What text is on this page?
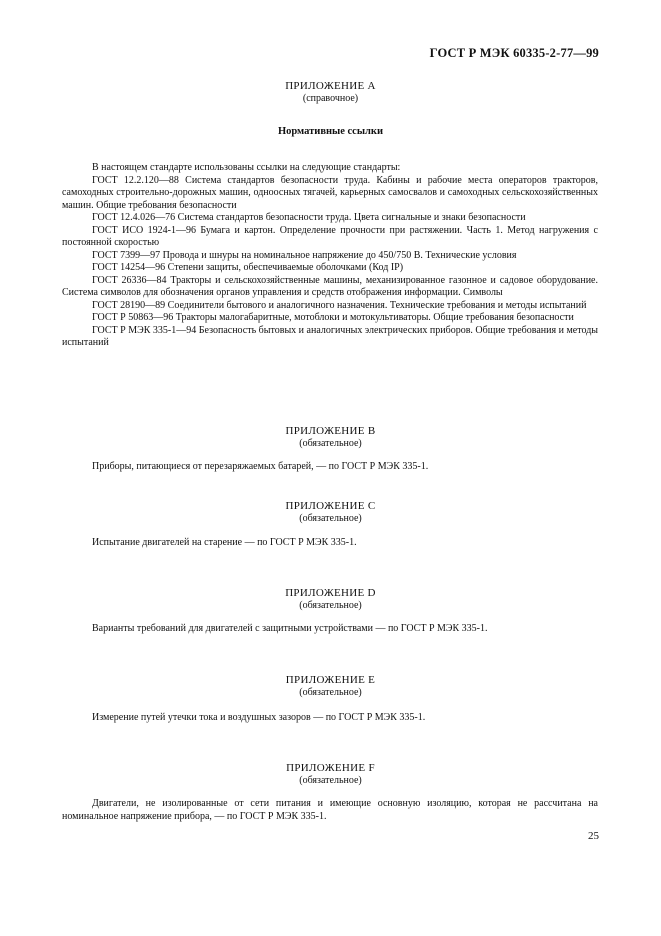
ГОСТ Р МЭК 60335-2-77—99
ПРИЛОЖЕНИЕ А
(справочное)
Нормативные ссылки

В настоящем стандарте использованы ссылки на следующие стандарты:

ГОСТ 12.2.120—88 Система стандартов безопасности труда. Кабины и рабочие места операторов тракторов, самоходных строительно-дорожных машин, одноосных тягачей, карьерных самосвалов и самоходных сельскохозяйственных машин. Общие требования безопасности

ГОСТ 12.4.026—76 Система стандартов безопасности труда. Цвета сигнальные и знаки безопасности

ГОСТ ИСО 1924-1—96 Бумага и картон. Определение прочности при растяжении. Часть 1. Метод нагружения с постоянной скоростью

ГОСТ 7399—97 Провода и шнуры на номинальное напряжение до 450/750 В. Технические условия

ГОСТ 14254—96 Степени защиты, обеспечиваемые оболочками (Код IP)

ГОСТ 26336—84 Тракторы и сельскохозяйственные машины, механизированное газонное и садовое оборудование. Система символов для обозначения органов управления и средств отображения информации. Символы

ГОСТ 28190—89 Соединители бытового и аналогичного назначения. Технические требования и методы испытаний

ГОСТ Р 50863—96 Тракторы малогабаритные, мотоблоки и мотокультиваторы. Общие требования безопасности

ГОСТ Р МЭК 335-1—94 Безопасность бытовых и аналогичных электрических приборов. Общие требования и методы испытаний

ПРИЛОЖЕНИЕ В
(обязательное)

Приборы, питающиеся от перезаряжаемых батарей, — по ГОСТ Р МЭК 335-1.

ПРИЛОЖЕНИЕ С
(обязательное)

Испытание двигателей на старение — по ГОСТ Р МЭК 335-1.

ПРИЛОЖЕНИЕ D
(обязательное)

Варианты требований для двигателей с защитными устройствами — по ГОСТ Р МЭК 335-1.

ПРИЛОЖЕНИЕ Е
(обязательное)

Измерение путей утечки тока и воздушных зазоров — по ГОСТ Р МЭК 335-1.

ПРИЛОЖЕНИЕ F
(обязательное)

Двигатели, не изолированные от сети питания и имеющие основную изоляцию, которая не рассчитана на номинальное напряжение прибора, — по ГОСТ Р МЭК 335-1.

25
